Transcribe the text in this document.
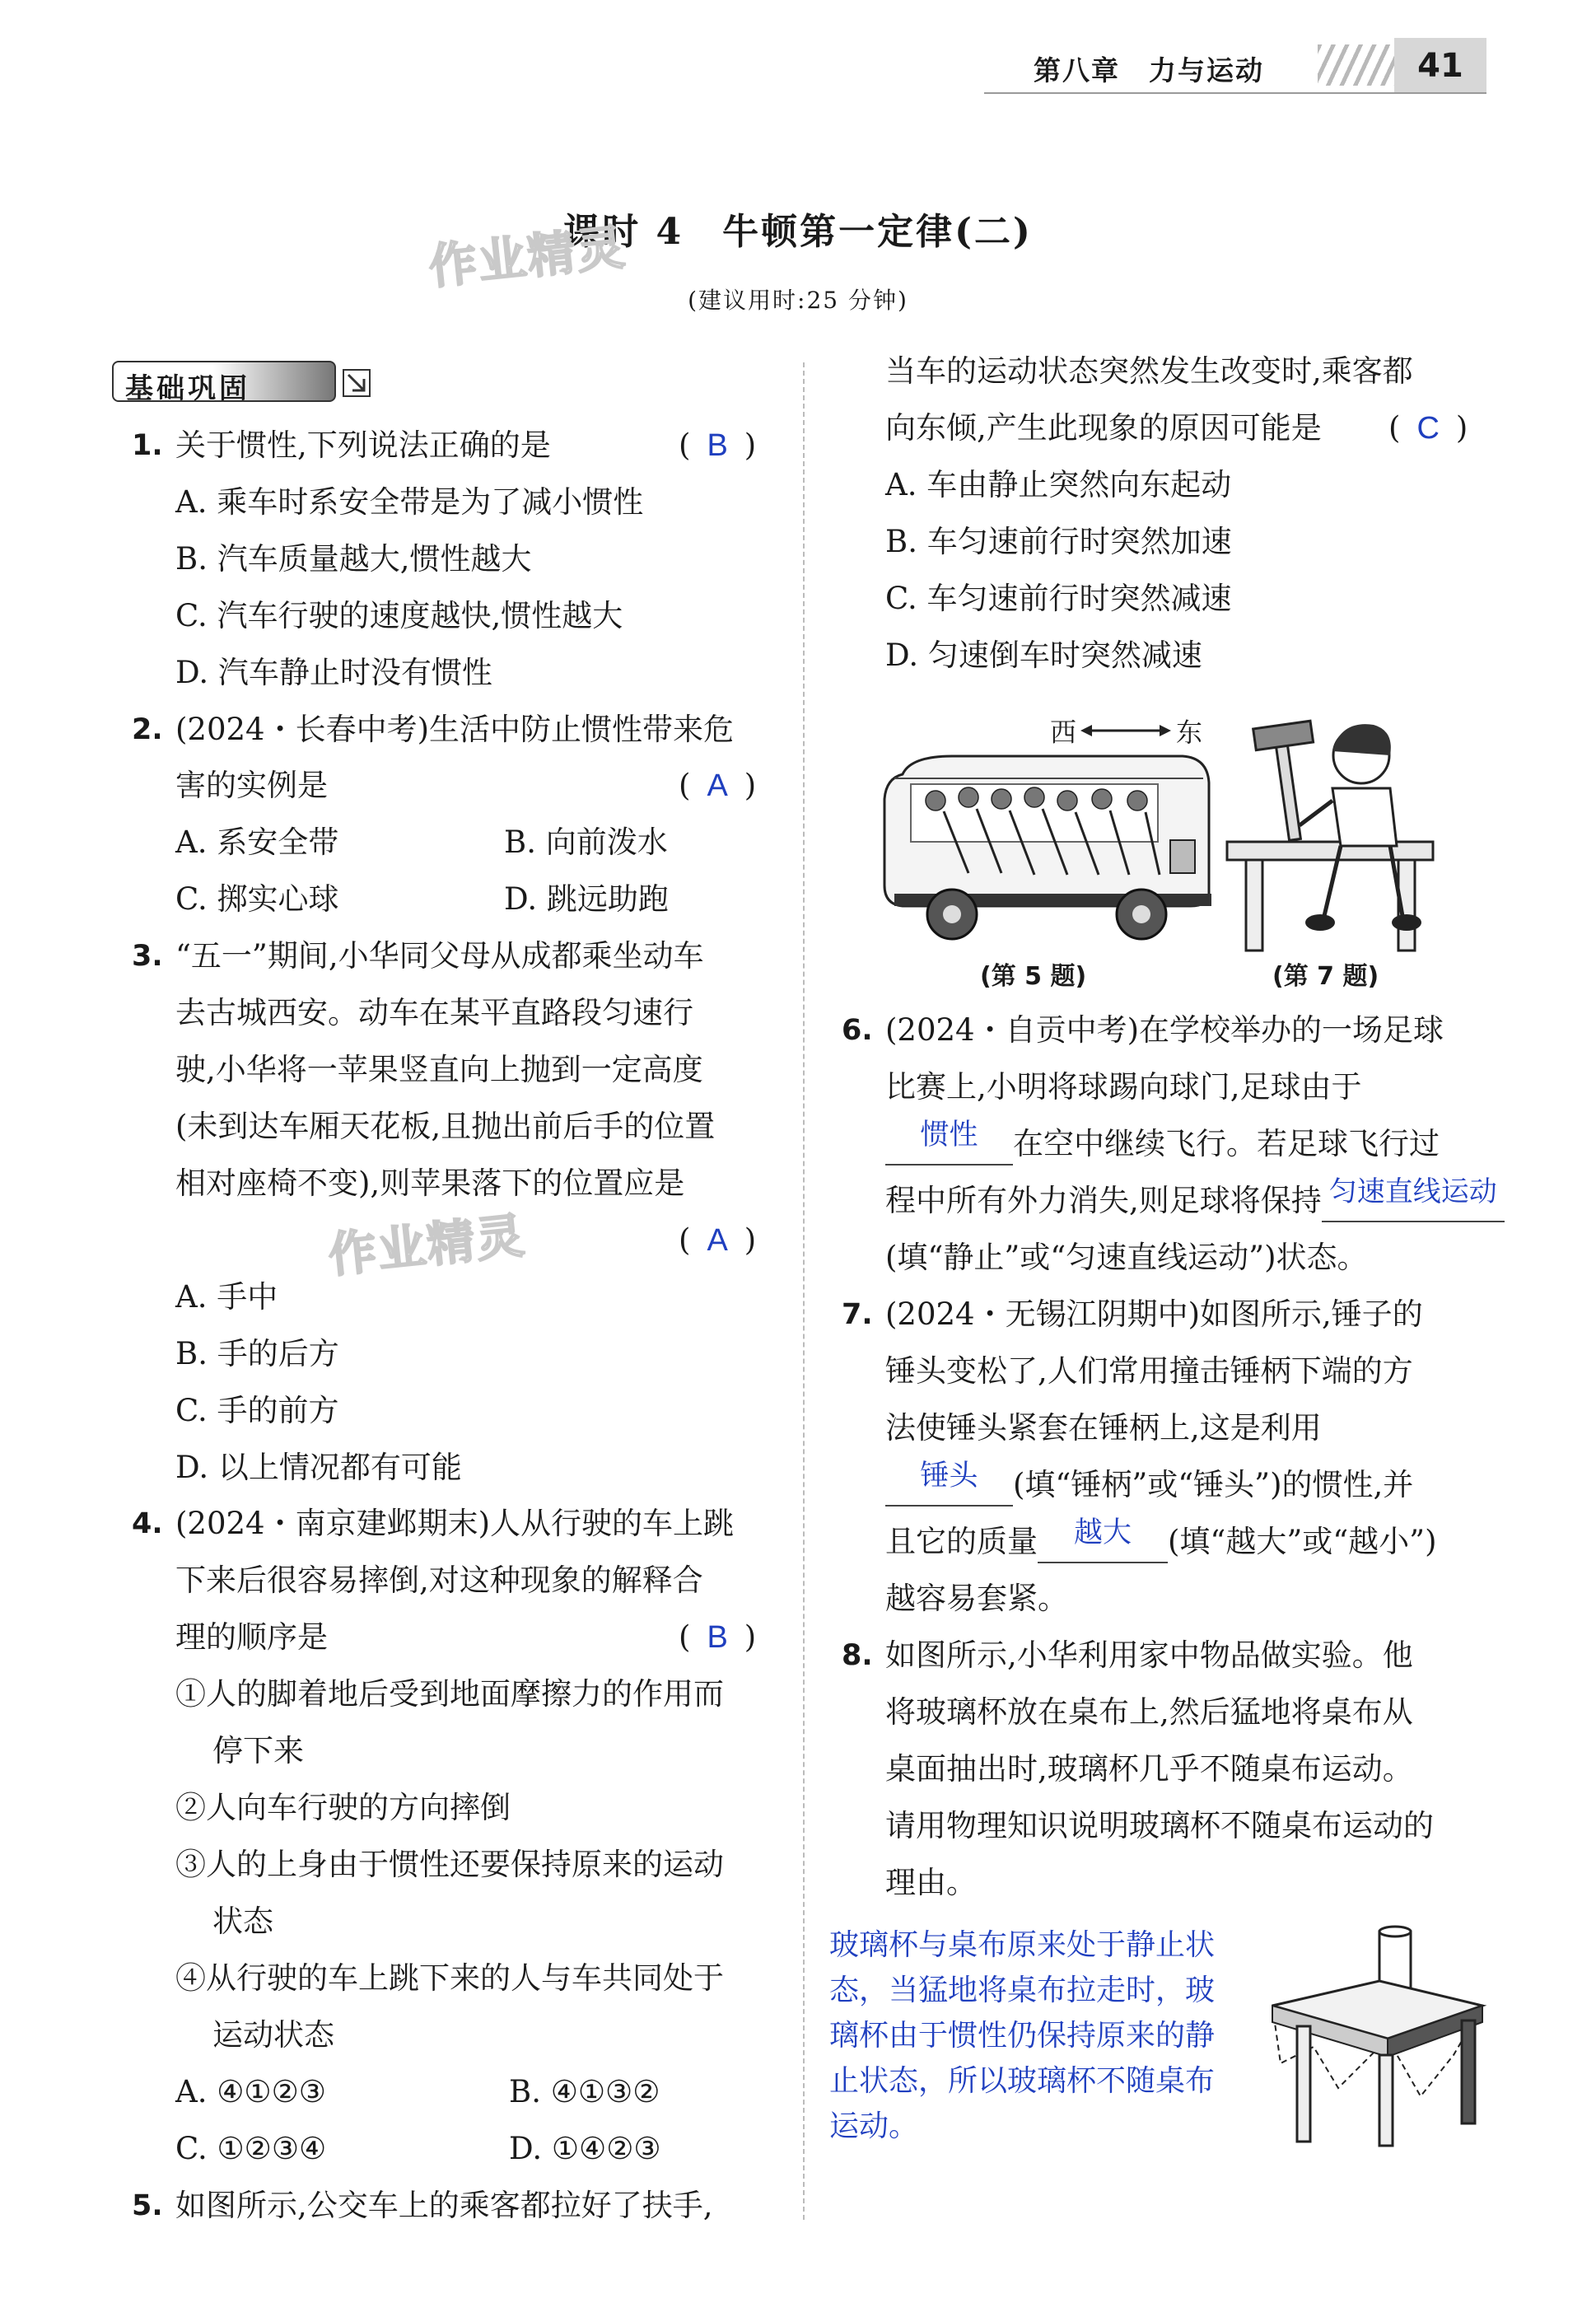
第八章　力与运动	41
课时 4　牛顿第一定律(二)
(建议用时:25 分钟)
作业精灵
作业精灵
基础巩固
1. 关于惯性,下列说法正确的是	( B )
A. 乘车时系安全带是为了减小惯性
B. 汽车质量越大,惯性越大
C. 汽车行驶的速度越快,惯性越大
D. 汽车静止时没有惯性
2. (2024・长春中考)生活中防止惯性带来危
害的实例是	( A )
A. 系安全带	B. 向前泼水
C. 掷实心球	D. 跳远助跑
3. “五一”期间,小华同父母从成都乘坐动车
去古城西安。动车在某平直路段匀速行
驶,小华将一苹果竖直向上抛到一定高度
(未到达车厢天花板,且抛出前后手的位置
相对座椅不变),则苹果落下的位置应是
( A )
A. 手中
B. 手的后方
C. 手的前方
D. 以上情况都有可能
4. (2024・南京建邺期末)人从行驶的车上跳
下来后很容易摔倒,对这种现象的解释合
理的顺序是	( B )
①人的脚着地后受到地面摩擦力的作用而
停下来
②人向车行驶的方向摔倒
③人的上身由于惯性还要保持原来的运动
状态
④从行驶的车上跳下来的人与车共同处于
运动状态
A. ④①②③	B. ④①③②
C. ①②③④	D. ①④②③
5. 如图所示,公交车上的乘客都拉好了扶手,
当车的运动状态突然发生改变时,乘客都
向东倾,产生此现象的原因可能是 ( C )
A. 车由静止突然向东起动
B. 车匀速前行时突然加速
C. 车匀速前行时突然减速
D. 匀速倒车时突然减速
西	东
(第 5 题)	(第 7 题)
6. (2024・自贡中考)在学校举办的一场足球
比赛上,小明将球踢向球门,足球由于
惯性 在空中继续飞行。若足球飞行过
程中所有外力消失,则足球将保持 匀速直线运动
(填“静止”或“匀速直线运动”)状态。
7. (2024・无锡江阴期中)如图所示,锤子的
锤头变松了,人们常用撞击锤柄下端的方
法使锤头紧套在锤柄上,这是利用
锤头 (填“锤柄”或“锤头”)的惯性,并
且它的质量 越大 (填“越大”或“越小”)
越容易套紧。
8. 如图所示,小华利用家中物品做实验。他
将玻璃杯放在桌布上,然后猛地将桌布从
桌面抽出时,玻璃杯几乎不随桌布运动。
请用物理知识说明玻璃杯不随桌布运动的
理由。
玻璃杯与桌布原来处于静止状
态，当猛地将桌布拉走时，玻
璃杯由于惯性仍保持原来的静
止状态，所以玻璃杯不随桌布
运动。
